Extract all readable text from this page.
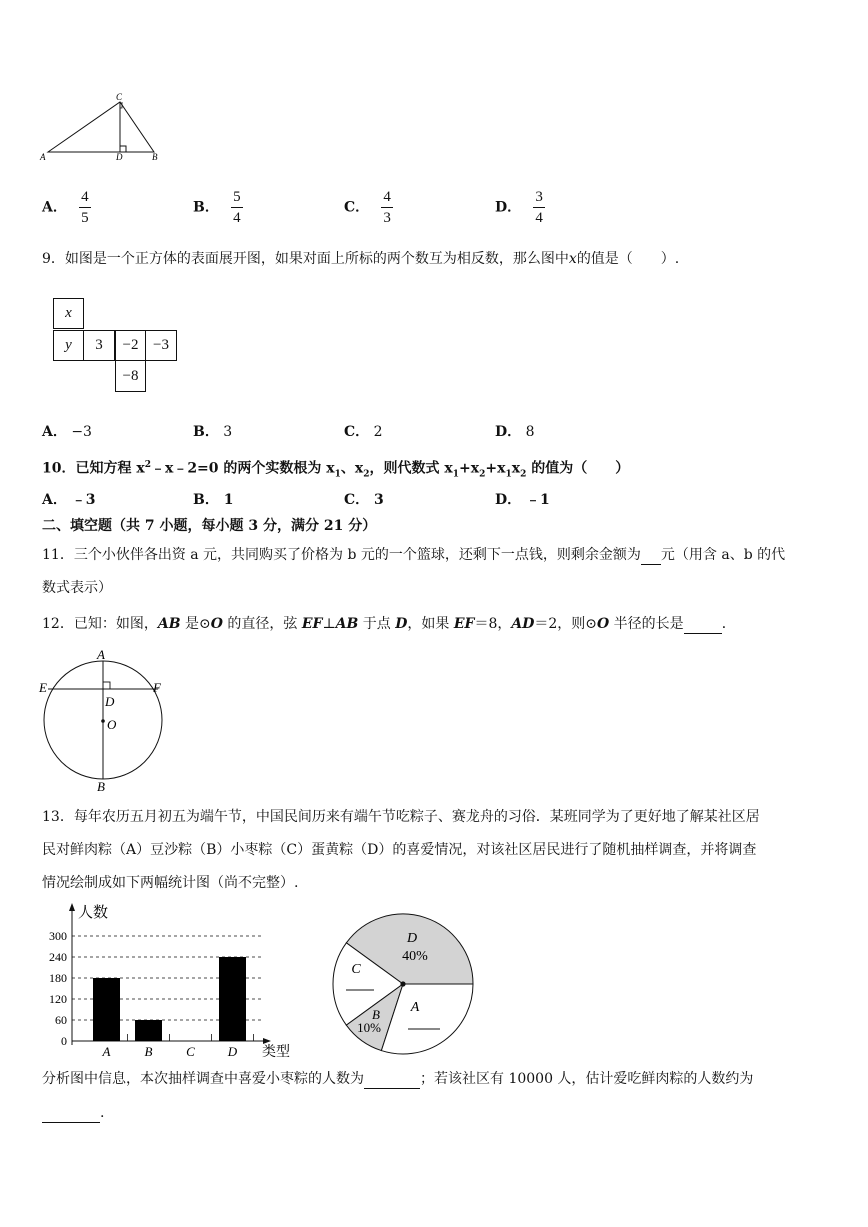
A
C
D	B
A． $\frac{4}{5}$	B． $\frac{5}{4}$	C． $\frac{4}{3}$	D． $\frac{3}{4}$
9．如图是一个正方体的表面展开图，如果对面上所标的两个数互为相反数，那么图中x的值是（　　）.
x
y	3	−2 −3
−8
A． −3	B． 3	C． 2	D． 8
10．已知方程 $x^2﹣x﹣2=0$ 的两个实数根为 $x_1$、$x_2$，则代数式 $x_1+x_2+x_1x_2$ 的值为（　　）
A． ﹣3	B． 1	C． 3	D． ﹣1
二、填空题（共 7 小题，每小题 3 分，满分 21 分）
11．三个小伙伴各出资 a 元，共同购买了价格为 b 元的一个篮球，还剩下一点钱，则剩余金额为 元（用含 a、b 的代
数式表示）
12．已知：如图，AB 是⊙O 的直径，弦 EF⊥AB 于点 D，如果 EF＝8，AD＝2，则⊙O 半径的长是	．
A
E	F
D
O
B
13．每年农历五月初五为端午节，中国民间历来有端午节吃粽子、赛龙舟的习俗．某班同学为了更好地了解某社区居
民对鲜肉粽（A）豆沙粽（B）小枣粽（C）蛋黄粽（D）的喜爱情况，对该社区居民进行了随机抽样调查，并将调查
情况绘制成如下两幅统计图（尚不完整）.
0
60
120
180
240
300
人数
类型
A	B	C	D
D
40%
C
B
10%
A
分析图中信息，本次抽样调查中喜爱小枣粽的人数为	；若该社区有 10000 人，估计爱吃鲜肉粽的人数约为
.
